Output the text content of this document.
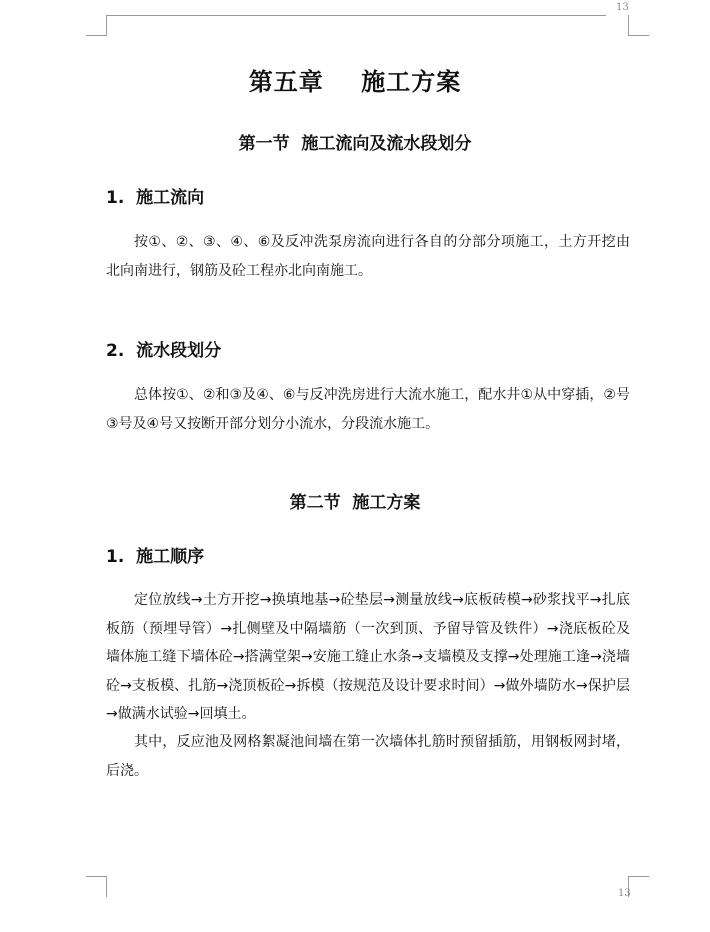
13
13
第五章    施工方案
第一节  施工流向及流水段划分
1.  施工流向

按①、②、③、④、⑥及反冲洗泵房流向进行各自的分部分项施工，土方开挖由北向南进行，钢筋及砼工程亦北向南施工。

2.  流水段划分

总体按①、②和③及④、⑥与反冲洗房进行大流水施工，配水井①从中穿插，②号③号及④号又按断开部分划分小流水，分段流水施工。

第二节  施工方案
1.  施工顺序

定位放线→土方开挖→换填地基→砼垫层→测量放线→底板砖模→砂浆找平→扎底板筋（预埋导管）→扎侧壁及中隔墙筋（一次到顶、予留导管及铁件）→浇底板砼及墙体施工缝下墙体砼→搭满堂架→安施工缝止水条→支墙模及支撑→处理施工逢→浇墙砼→支板模、扎筋→浇顶板砼→拆模（按规范及设计要求时间）→做外墙防水→保护层→做满水试验→回填土。

其中，反应池及网格絮凝池间墙在第一次墙体扎筋时预留插筋，用钢板网封堵，后浇。
